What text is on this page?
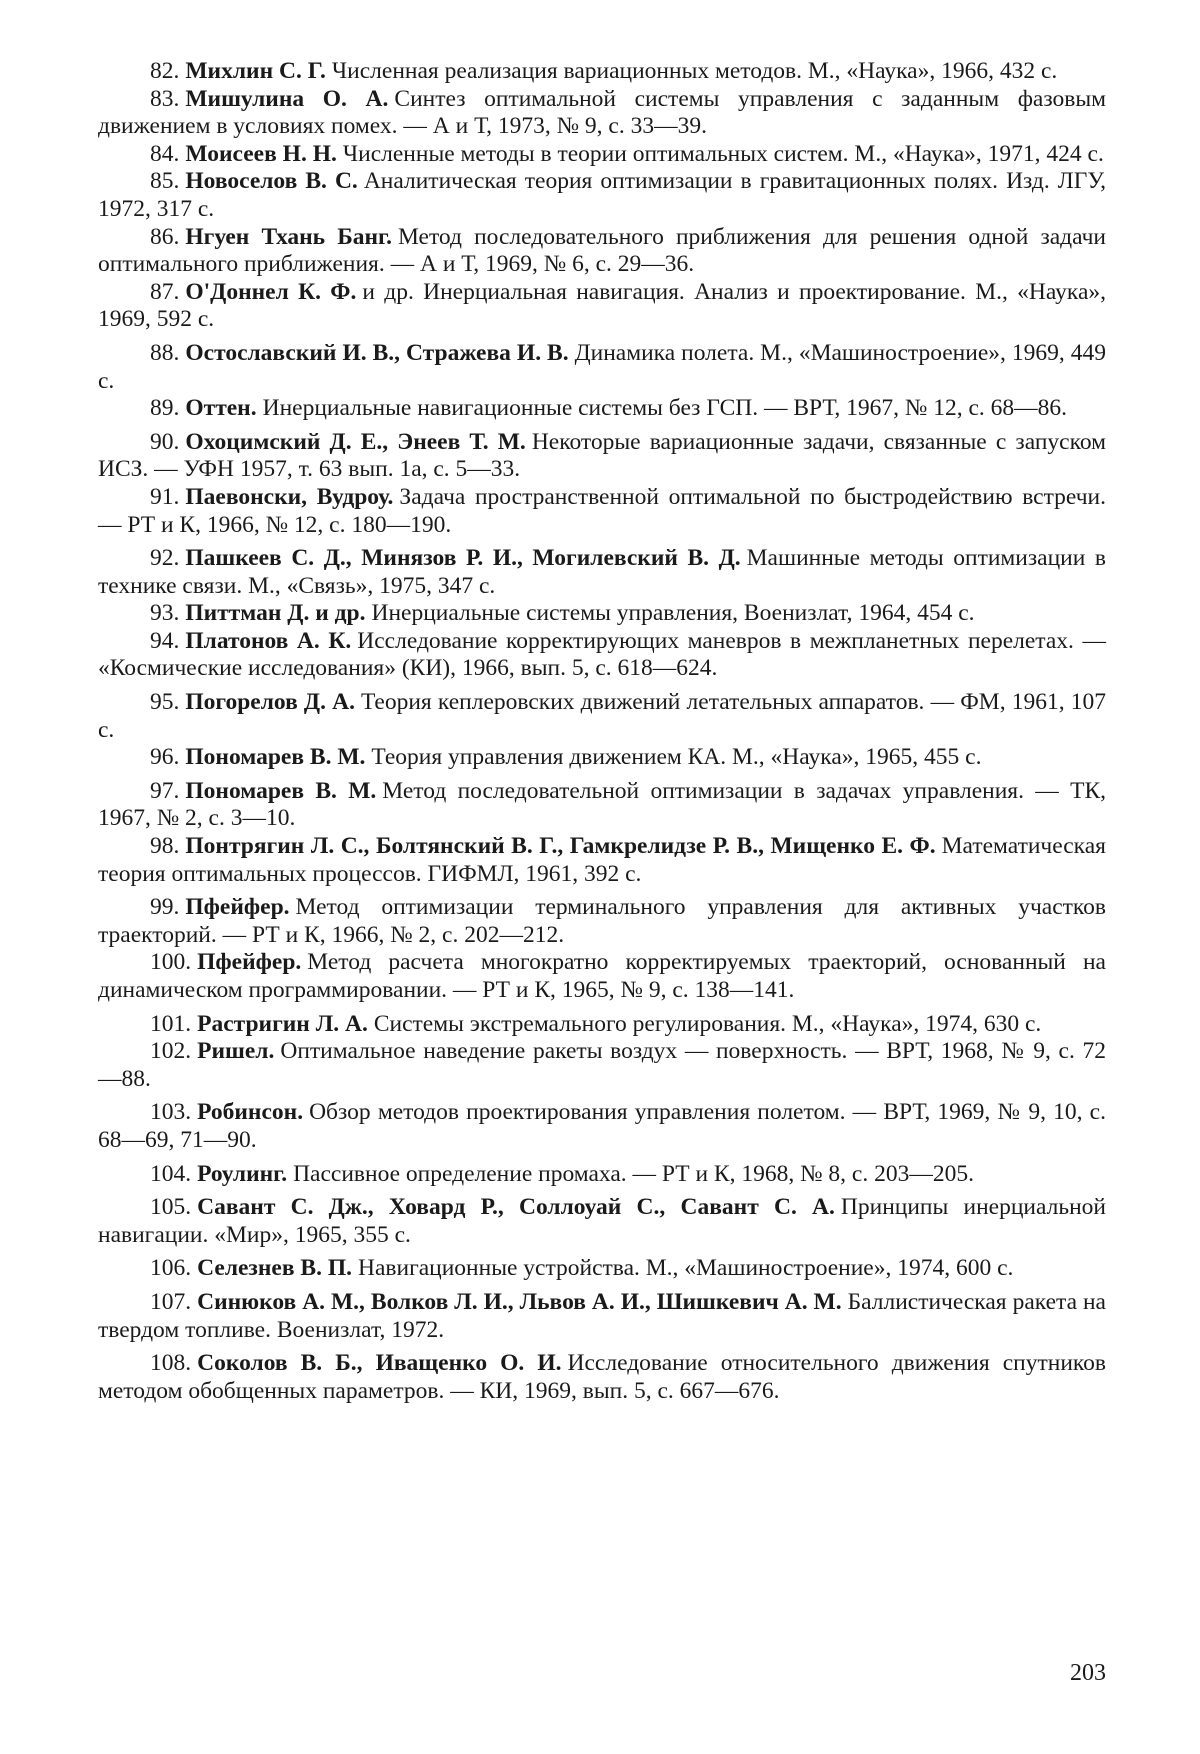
82. Михлин С. Г. Численная реализация вариационных методов. М., «Наука», 1966, 432 с.
83. Мишулина О. А. Синтез оптимальной системы управления с заданным фазовым движением в условиях помех. — А и Т, 1973, № 9, с. 33—39.
84. Моисеев Н. Н. Численные методы в теории оптимальных систем. М., «Наука», 1971, 424 с.
85. Новоселов В. С. Аналитическая теория оптимизации в гравитационных полях. Изд. ЛГУ, 1972, 317 с.
86. Нгуен Тхань Банг. Метод последовательного приближения для решения одной задачи оптимального приближения. — А и Т, 1969, № 6, с. 29—36.
87. О'Доннел К. Ф. и др. Инерциальная навигация. Анализ и проектирование. М., «Наука», 1969, 592 с.
88. Остославский И. В., Стражева И. В. Динамика полета. М., «Машиностроение», 1969, 449 с.
89. Оттен. Инерциальные навигационные системы без ГСП. — ВРТ, 1967, № 12, с. 68—86.
90. Охоцимский Д. Е., Энеев Т. М. Некоторые вариационные задачи, связанные с запуском ИСЗ. — УФН 1957, т. 63 вып. 1а, с. 5—33.
91. Паевонски, Вудроу. Задача пространственной оптимальной по быстродействию встречи. — РТ и К, 1966, № 12, с. 180—190.
92. Пашкеев С. Д., Минязов Р. И., Могилевский В. Д. Машинные методы оптимизации в технике связи. М., «Связь», 1975, 347 с.
93. Питтман Д. и др. Инерциальные системы управления, Военизлат, 1964, 454 с.
94. Платонов А. К. Исследование корректирующих маневров в межпланетных перелетах. — «Космические исследования» (КИ), 1966, вып. 5, с. 618—624.
95. Погорелов Д. А. Теория кеплеровских движений летательных аппаратов. — ФМ, 1961, 107 с.
96. Пономарев В. М. Теория управления движением КА. М., «Наука», 1965, 455 с.
97. Пономарев В. М. Метод последовательной оптимизации в задачах управления. — ТК, 1967, № 2, с. 3—10.
98. Понтрягин Л. С., Болтянский В. Г., Гамкрелидзе Р. В., Мищенко Е. Ф. Математическая теория оптимальных процессов. ГИФМЛ, 1961, 392 с.
99. Пфейфер. Метод оптимизации терминального управления для активных участков траекторий. — РТ и К, 1966, № 2, с. 202—212.
100. Пфейфер. Метод расчета многократно корректируемых траекторий, основанный на динамическом программировании. — РТ и К, 1965, № 9, с. 138—141.
101. Растригин Л. А. Системы экстремального регулирования. М., «Наука», 1974, 630 с.
102. Ришел. Оптимальное наведение ракеты воздух — поверхность. — ВРТ, 1968, № 9, с. 72—88.
103. Робинсон. Обзор методов проектирования управления полетом. — ВРТ, 1969, № 9, 10, с. 68—69, 71—90.
104. Роулинг. Пассивное определение промаха. — РТ и К, 1968, № 8, с. 203—205.
105. Савант С. Дж., Ховард Р., Соллоуай С., Савант С. А. Принципы инерциальной навигации. «Мир», 1965, 355 с.
106. Селезнев В. П. Навигационные устройства. М., «Машиностроение», 1974, 600 с.
107. Синюков А. М., Волков Л. И., Львов А. И., Шишкевич А. М. Баллистическая ракета на твердом топливе. Военизлат, 1972.
108. Соколов В. Б., Иващенко О. И. Исследование относительного движения спутников методом обобщенных параметров. — КИ, 1969, вып. 5, с. 667—676.
203
